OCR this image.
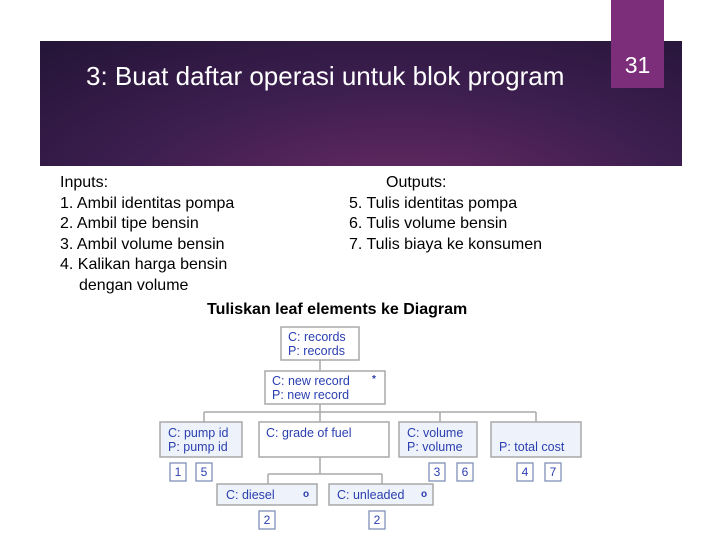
31
3: Buat daftar operasi untuk blok program
Inputs:
1. Ambil identitas pompa
2. Ambil tipe bensin
3. Ambil volume bensin
4. Kalikan harga bensin
dengan volume
Outputs:
5. Tulis identitas pompa
6. Tulis volume bensin
7. Tulis biaya ke konsumen
Tuliskan leaf elements ke Diagram
C: records
P: records
C: new record
P: new record
*
C: pump id
P: pump id
C: grade of fuel	C: volume
P: volume	P: total cost
C: diesel	o C: unleaded o
1 5	3 6	4 7
2	2
